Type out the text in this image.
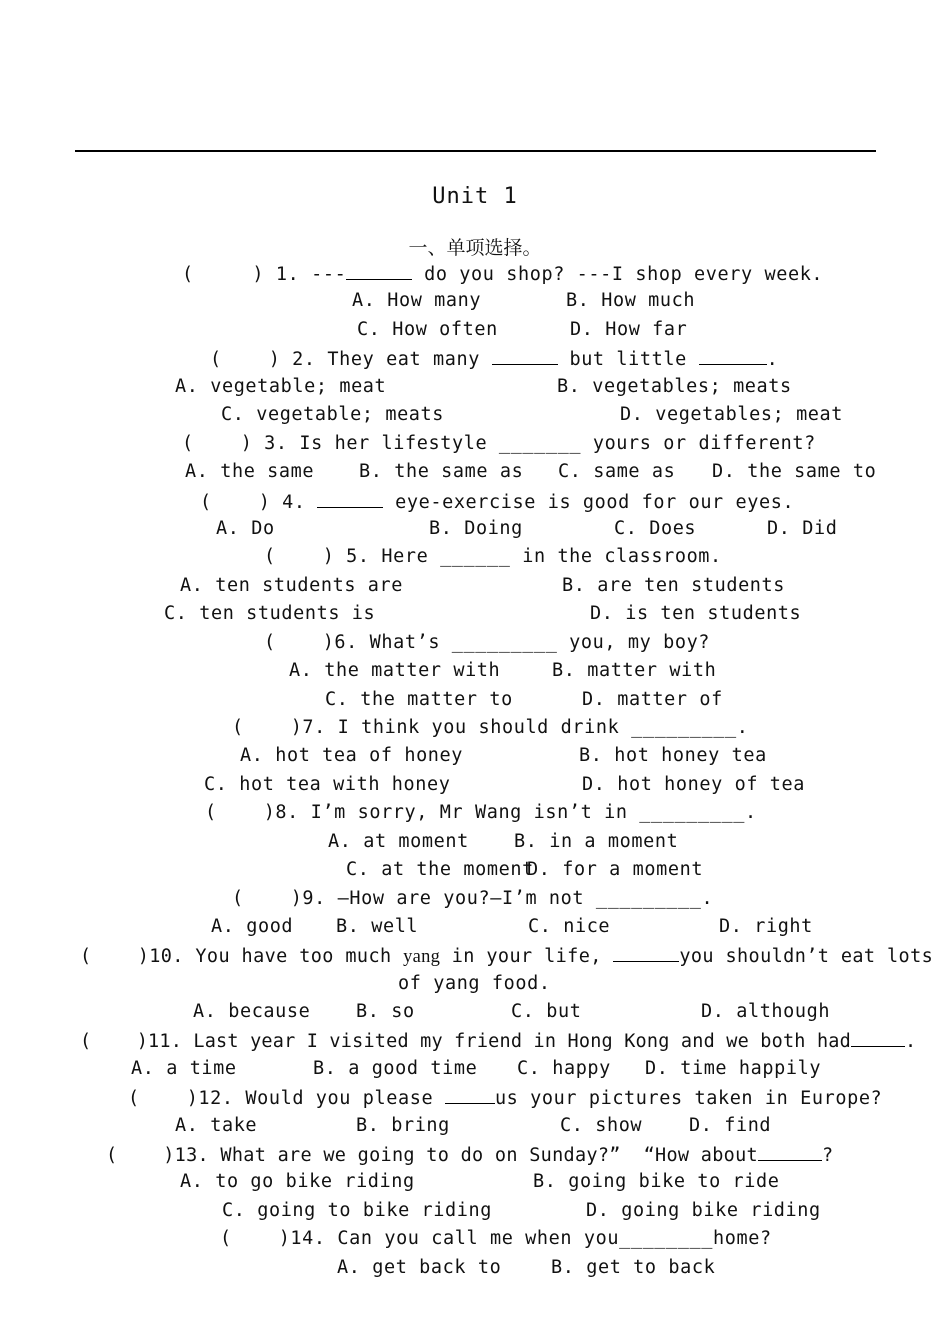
Unit 1
一、单项选择。
(     ) 1. ---	do you shop? ---I shop every week.
A. How many	B. How much
C. How often	D. How far
(    ) 2. They eat many	but little	.
A. vegetable; meat	B. vegetables; meats
C. vegetable; meats	D. vegetables; meat
(    ) 3. Is her lifestyle _______ yours or different?
A. the same B. the same as C. same as D. the same to
(    ) 4.	eye-exercise is good for our eyes.
A. Do	B. Doing	C. Does	D. Did
(    ) 5. Here ______ in the classroom.
A. ten students are	B. are ten students
C. ten students is	D. is ten students
(    )6. What’s _________ you, my boy?
A. the matter with	B. matter with
C. the matter to	D. matter of
(    )7. I think you should drink _________.
A. hot tea of honey	B. hot honey tea
C. hot tea with honey	D. hot honey of tea
(    )8. I’m sorry, Mr Wang isn’t in _________.
A. at moment B. in a moment
C. at the moment
D. for a moment
(    )9. —How are you?—I’m not _________.
A. good B. well	C. nice	D. right
(    )10. You have too much yang in your life,	you shouldn’t eat lots
of yang food.
A. because B. so	C. but	D. although
(    )11. Last year I visited my friend in Hong Kong and we both had	.
A. a time	B. a good time C. happy D. time happily
(    )12. Would you please	us your pictures taken in Europe?
A. take	B. bring	C. show	D. find
(    )13. What are we going to do on Sunday?”  “How about	?
A. to go bike riding	B. going bike to ride
C. going to bike riding	D. going bike riding
(    )14. Can you call me when you________home?
A. get back to	B. get to back
